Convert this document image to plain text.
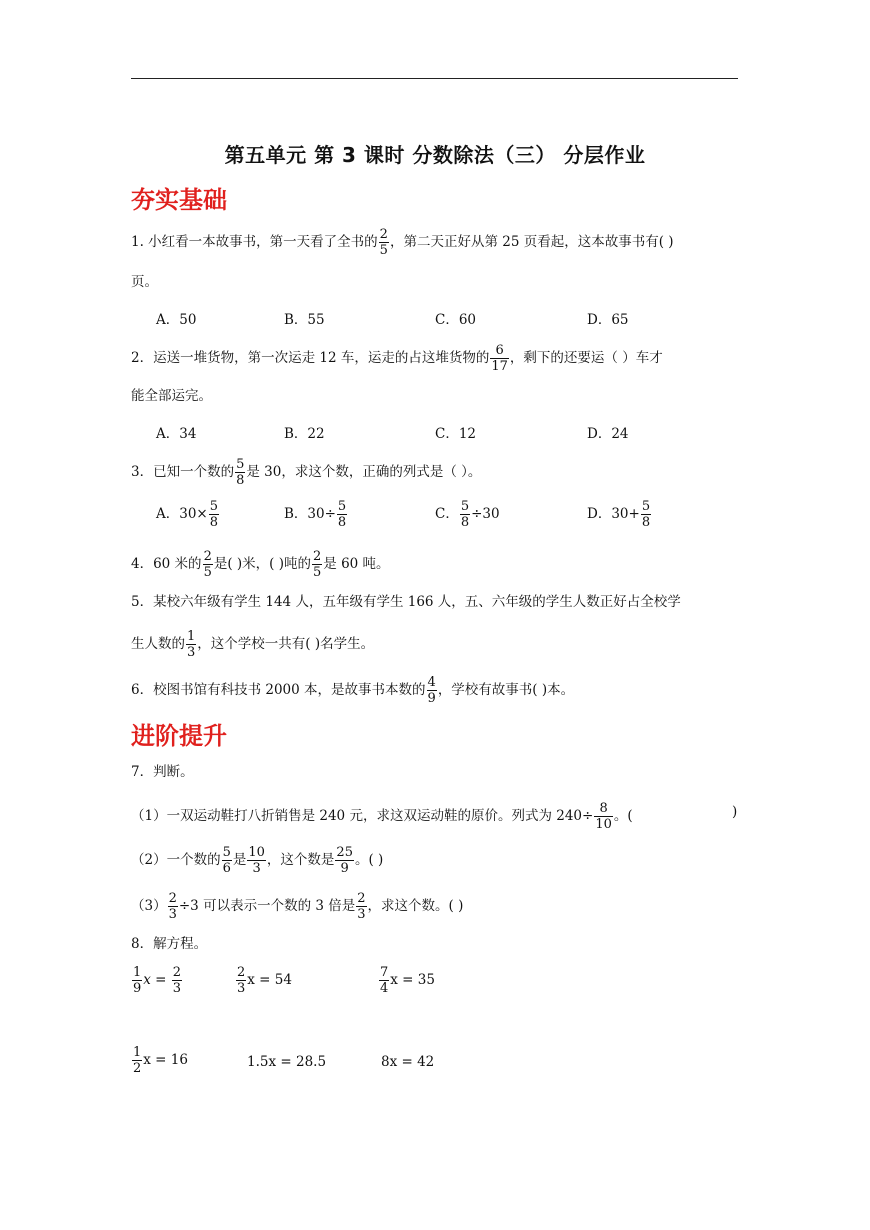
第五单元 第 3 课时 分数除法（三） 分层作业
夯实基础
1. 小红看一本故事书，第一天看了全书的 $\frac{2}{5}$ ，第二天正好从第 25 页看起，这本故事书有( )
页。
A．50	B．55	C．60	D．65
2．运送一堆货物，第一次运走 12 车，运走的占这堆货物的 $\frac{6}{17}$ ，剩下的还要运（ ）车才
能全部运完。
A．34	B．22	C．12	D．24
3．已知一个数的 $\frac{5}{8}$ 是 30，求这个数，正确的列式是（ ）。
A．$30\times \frac{5}{8}$	B．$30\div \frac{5}{8}$	C． $\frac{5}{8} \div 30$	D．$30+ \frac{5}{8}$
4．60 米的 $\frac{2}{5}$ 是( )米，( )吨的 $\frac{2}{5}$ 是 60 吨。
5．某校六年级有学生 144 人，五年级有学生 166 人，五、六年级的学生人数正好占全校学
生人数的 $\frac{1}{3}$ ，这个学校一共有( )名学生。
6．校图书馆有科技书 2000 本，是故事书本数的 $\frac{4}{9}$ ，学校有故事书( )本。
进阶提升
7．判断。
（1）一双运动鞋打八折销售是 240 元，求这双运动鞋的原价。列式为 $240\div \frac{8}{10}$ 。(	)
（2）一个数的 $\frac{5}{6}$ 是 $\frac{10}{3}$ ，这个数是 $\frac{25}{9}$ 。( )
$(3) \frac{2}{3} \div 3$ 可以表示一个数的 3 倍是 $\frac{2}{3}$ ，求这个数。( )
8．解方程。
$\frac{1}{9}$ $x = \frac{2}{3}$	$\frac{2}{3}$ x = 54	$\frac{7}{4}$ x = 35
$\frac{1}{2}$ x = 16	1.5x = 28.5	8x = 42
